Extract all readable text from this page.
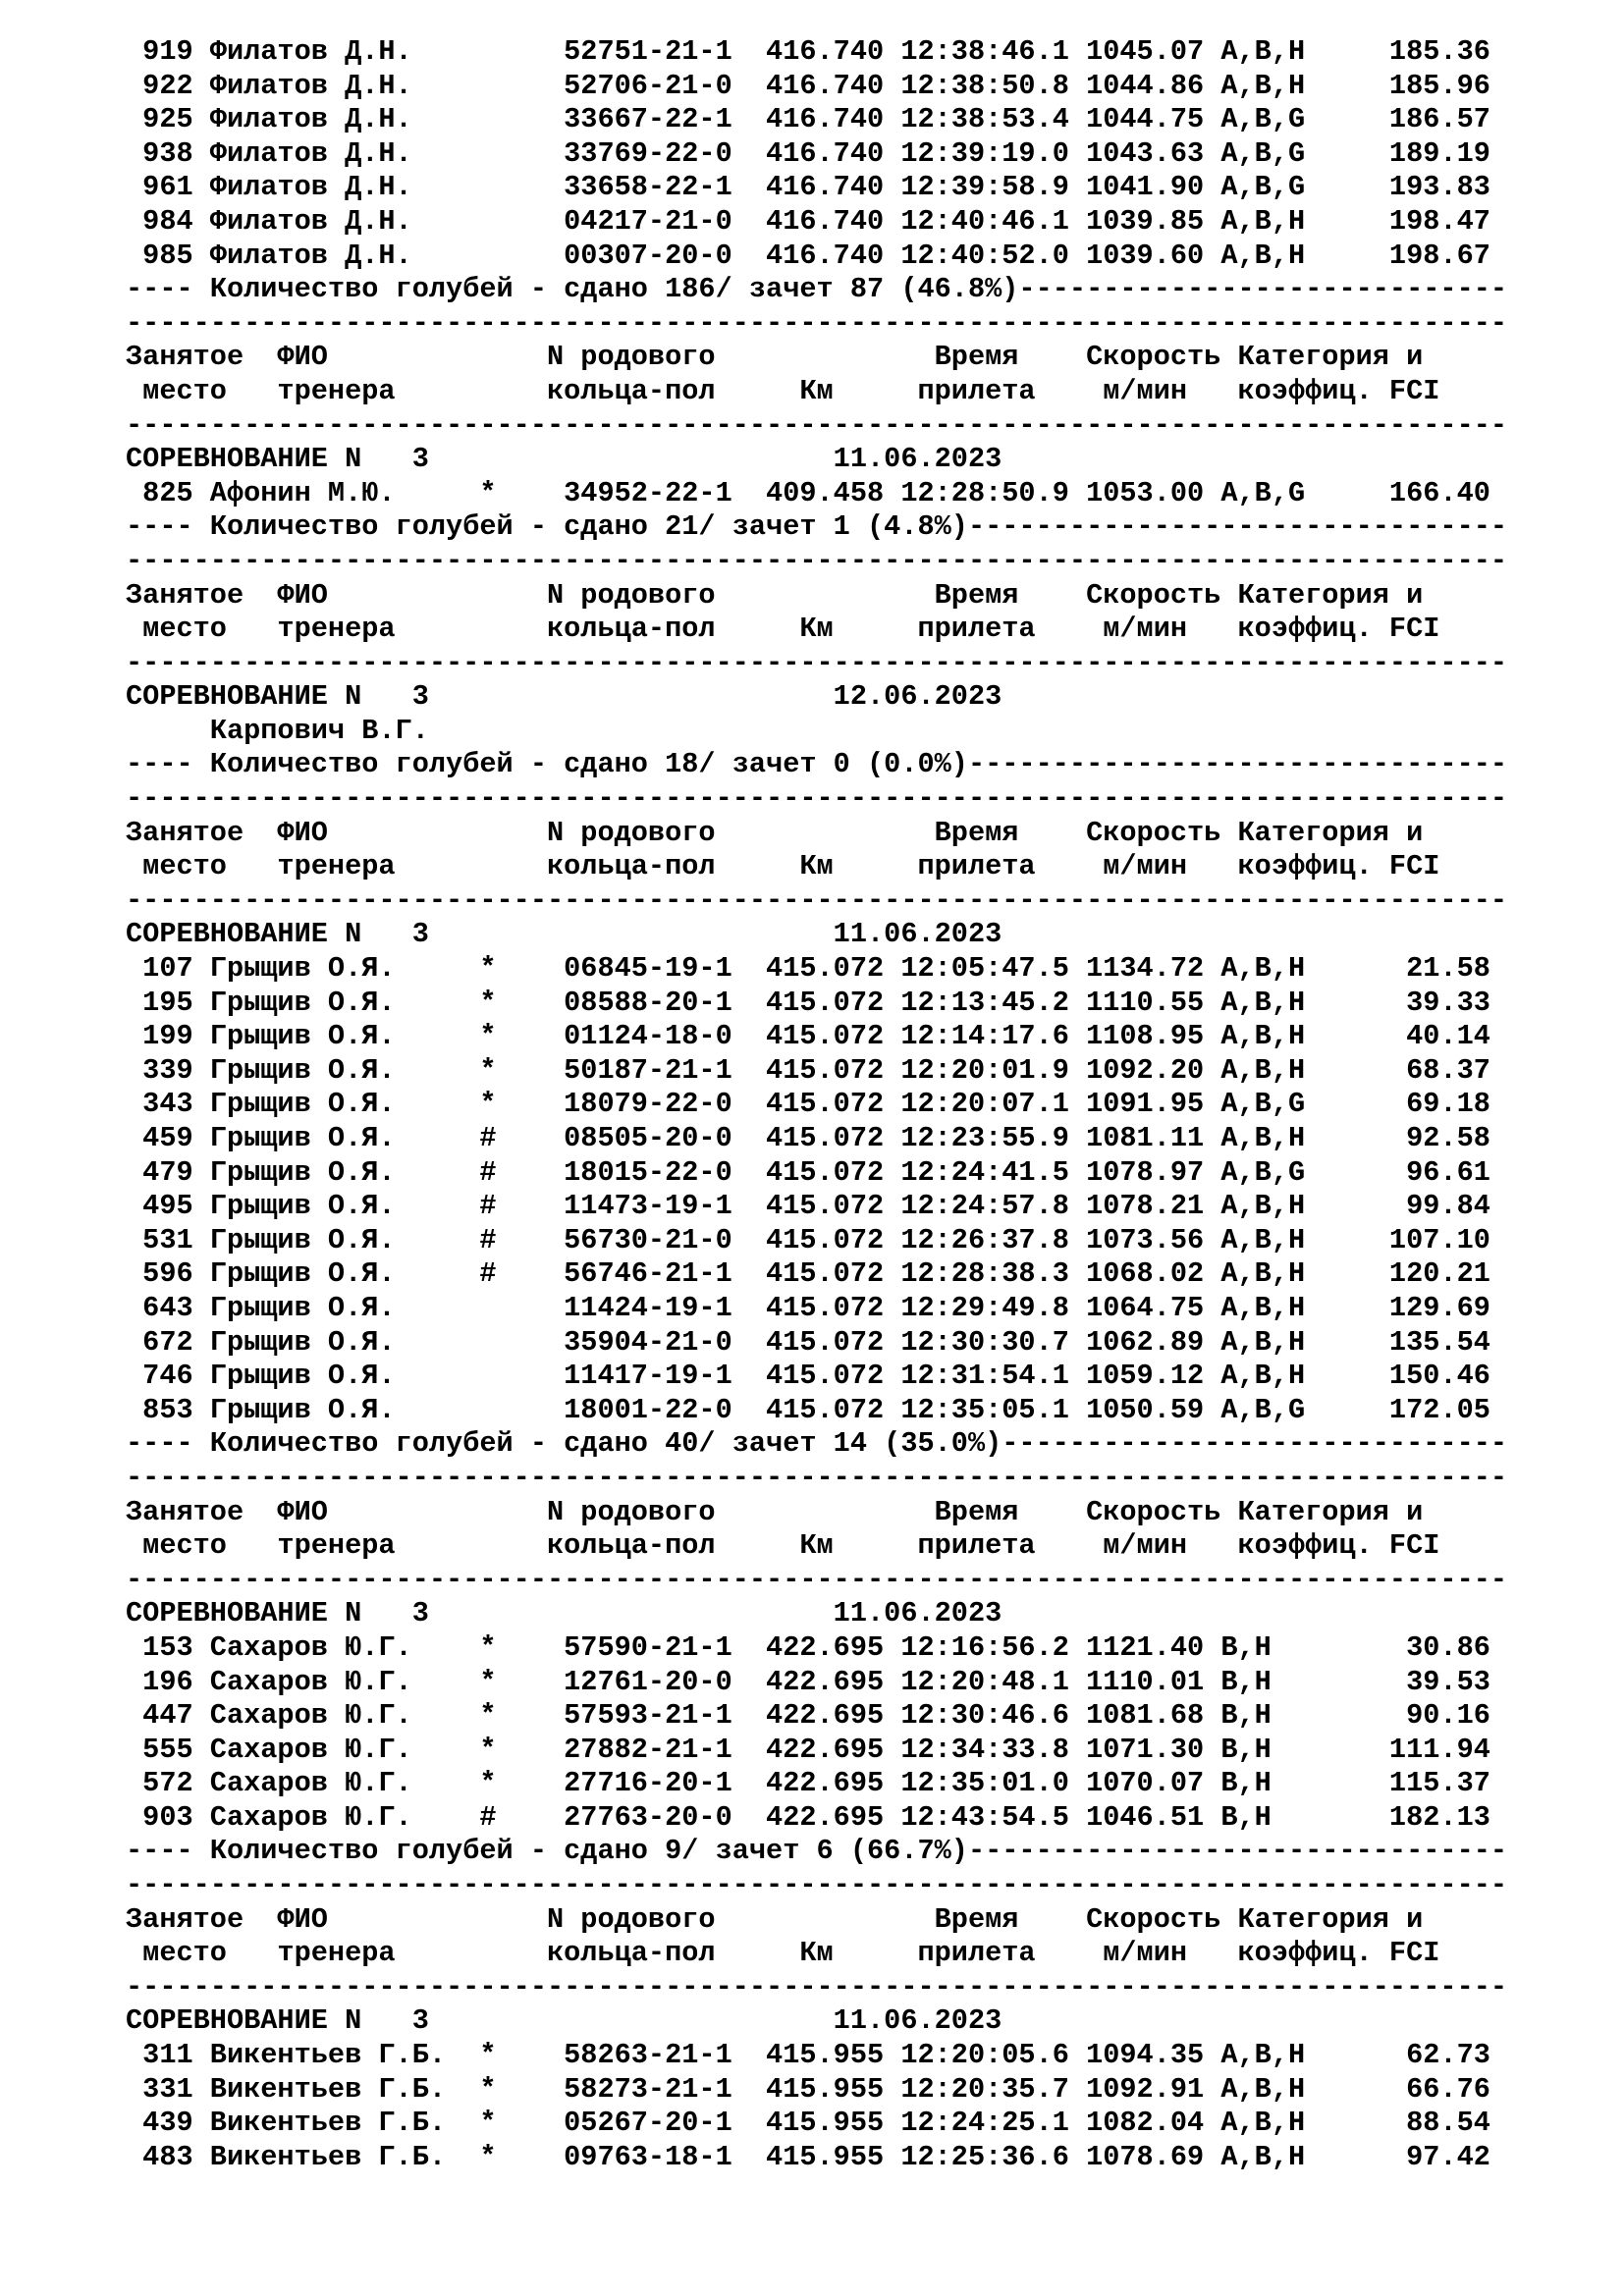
919 Филатов Д.Н.         52751-21-1  416.740 12:38:46.1 1045.07 A,B,H     185.36
922 Филатов Д.Н.         52706-21-0  416.740 12:38:50.8 1044.86 A,B,H     185.96
925 Филатов Д.Н.         33667-22-1  416.740 12:38:53.4 1044.75 A,B,G     186.57
938 Филатов Д.Н.         33769-22-0  416.740 12:39:19.0 1043.63 A,B,G     189.19
961 Филатов Д.Н.         33658-22-1  416.740 12:39:58.9 1041.90 A,B,G     193.83
984 Филатов Д.Н.         04217-21-0  416.740 12:40:46.1 1039.85 A,B,H     198.47
985 Филатов Д.Н.         00307-20-0  416.740 12:40:52.0 1039.60 A,B,H     198.67
---- Количество голубей - сдано 186/ зачет 87 (46.8%)-----------------------------
----------------------------------------------------------------------------------
Занятое  ФИО             N родового             Время    Скорость Категория и
место   тренера         кольца-пол     Км     прилета    м/мин   коэффиц. FCI
----------------------------------------------------------------------------------
СОРЕВНОВАНИЕ N   3                        11.06.2023
825 Афонин М.Ю.     *    34952-22-1  409.458 12:28:50.9 1053.00 A,B,G     166.40
---- Количество голубей - сдано 21/ зачет 1 (4.8%)--------------------------------
----------------------------------------------------------------------------------
Занятое  ФИО             N родового             Время    Скорость Категория и
место   тренера         кольца-пол     Км     прилета    м/мин   коэффиц. FCI
----------------------------------------------------------------------------------
СОРЕВНОВАНИЕ N   3                        12.06.2023
Карпович В.Г.
---- Количество голубей - сдано 18/ зачет 0 (0.0%)--------------------------------
----------------------------------------------------------------------------------
Занятое  ФИО             N родового             Время    Скорость Категория и
место   тренера         кольца-пол     Км     прилета    м/мин   коэффиц. FCI
----------------------------------------------------------------------------------
СОРЕВНОВАНИЕ N   3                        11.06.2023
107 Грыщив О.Я.     *    06845-19-1  415.072 12:05:47.5 1134.72 A,B,H      21.58
195 Грыщив О.Я.     *    08588-20-1  415.072 12:13:45.2 1110.55 A,B,H      39.33
199 Грыщив О.Я.     *    01124-18-0  415.072 12:14:17.6 1108.95 A,B,H      40.14
339 Грыщив О.Я.     *    50187-21-1  415.072 12:20:01.9 1092.20 A,B,H      68.37
343 Грыщив О.Я.     *    18079-22-0  415.072 12:20:07.1 1091.95 A,B,G      69.18
459 Грыщив О.Я.     #    08505-20-0  415.072 12:23:55.9 1081.11 A,B,H      92.58
479 Грыщив О.Я.     #    18015-22-0  415.072 12:24:41.5 1078.97 A,B,G      96.61
495 Грыщив О.Я.     #    11473-19-1  415.072 12:24:57.8 1078.21 A,B,H      99.84
531 Грыщив О.Я.     #    56730-21-0  415.072 12:26:37.8 1073.56 A,B,H     107.10
596 Грыщив О.Я.     #    56746-21-1  415.072 12:28:38.3 1068.02 A,B,H     120.21
643 Грыщив О.Я.          11424-19-1  415.072 12:29:49.8 1064.75 A,B,H     129.69
672 Грыщив О.Я.          35904-21-0  415.072 12:30:30.7 1062.89 A,B,H     135.54
746 Грыщив О.Я.          11417-19-1  415.072 12:31:54.1 1059.12 A,B,H     150.46
853 Грыщив О.Я.          18001-22-0  415.072 12:35:05.1 1050.59 A,B,G     172.05
---- Количество голубей - сдано 40/ зачет 14 (35.0%)------------------------------
----------------------------------------------------------------------------------
Занятое  ФИО             N родового             Время    Скорость Категория и
место   тренера         кольца-пол     Км     прилета    м/мин   коэффиц. FCI
----------------------------------------------------------------------------------
СОРЕВНОВАНИЕ N   3                        11.06.2023
153 Сахаров Ю.Г.    *    57590-21-1  422.695 12:16:56.2 1121.40 B,H        30.86
196 Сахаров Ю.Г.    *    12761-20-0  422.695 12:20:48.1 1110.01 B,H        39.53
447 Сахаров Ю.Г.    *    57593-21-1  422.695 12:30:46.6 1081.68 B,H        90.16
555 Сахаров Ю.Г.    *    27882-21-1  422.695 12:34:33.8 1071.30 B,H       111.94
572 Сахаров Ю.Г.    *    27716-20-1  422.695 12:35:01.0 1070.07 B,H       115.37
903 Сахаров Ю.Г.    #    27763-20-0  422.695 12:43:54.5 1046.51 B,H       182.13
---- Количество голубей - сдано 9/ зачет 6 (66.7%)--------------------------------
----------------------------------------------------------------------------------
Занятое  ФИО             N родового             Время    Скорость Категория и
место   тренера         кольца-пол     Км     прилета    м/мин   коэффиц. FCI
----------------------------------------------------------------------------------
СОРЕВНОВАНИЕ N   3                        11.06.2023
311 Викентьев Г.Б.  *    58263-21-1  415.955 12:20:05.6 1094.35 A,B,H      62.73
331 Викентьев Г.Б.  *    58273-21-1  415.955 12:20:35.7 1092.91 A,B,H      66.76
439 Викентьев Г.Б.  *    05267-20-1  415.955 12:24:25.1 1082.04 A,B,H      88.54
483 Викентьев Г.Б.  *    09763-18-1  415.955 12:25:36.6 1078.69 A,B,H      97.42
